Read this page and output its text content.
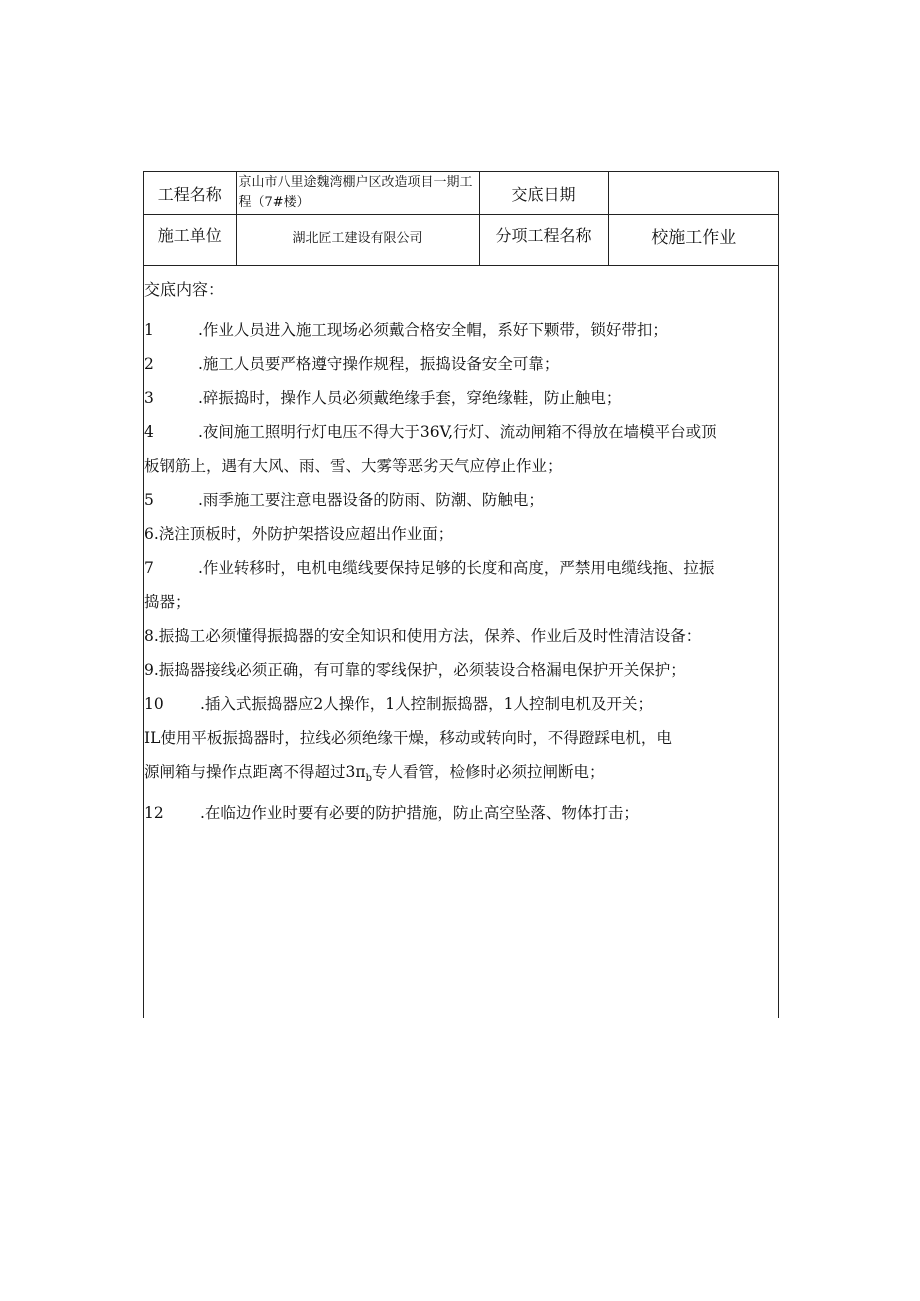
工程名称	京山市八里途魏湾棚户区改造项目一期工程（7#楼）	交底日期	
施工单位	湖北匠工建设有限公司	分项工程名称	校施工作业

交底内容：

1	.作业人员进入施工现场必须戴合格安全帽，系好下颗带，锁好带扣；

2	.施工人员要严格遵守操作规程，振捣设备安全可靠；

3	.碎振捣时，操作人员必须戴绝缘手套，穿绝缘鞋，防止触电；

4	.夜间施工照明行灯电压不得大于36V,行灯、流动闸箱不得放在墙模平台或顶

板钢筋上，遇有大风、雨、雪、大雾等恶劣天气应停止作业；

5	.雨季施工要注意电器设备的防雨、防潮、防触电；

6.浇注顶板时，外防护架搭设应超出作业面；

7	.作业转移时，电机电缆线要保持足够的长度和高度，严禁用电缆线拖、拉振

捣器；

8.振捣工必须懂得振捣器的安全知识和使用方法，保养、作业后及时性清洁设备：

9.振捣器接线必须正确，有可靠的零线保护，必须装设合格漏电保护开关保护；

10 .插入式振捣器应2人操作，1人控制振捣器，1人控制电机及开关；

IL使用平板振捣器时，拉线必须绝缘干燥，移动或转向时，不得蹬踩电机，电

源闸箱与操作点距离不得超过$3\pi_b$专人看管，检修时必须拉闸断电；

12 .在临边作业时要有必要的防护措施，防止高空坠落、物体打击；
